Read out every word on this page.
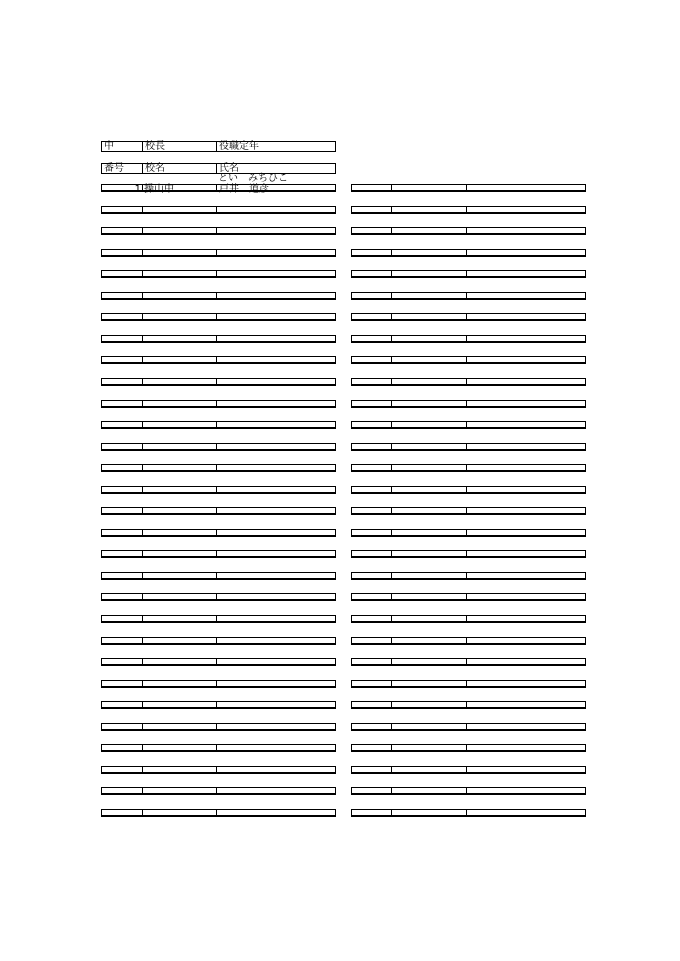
中	校長	役職定年
番号	校名	氏名
とい　みちひこ
1 操山中	戸井　道彦
